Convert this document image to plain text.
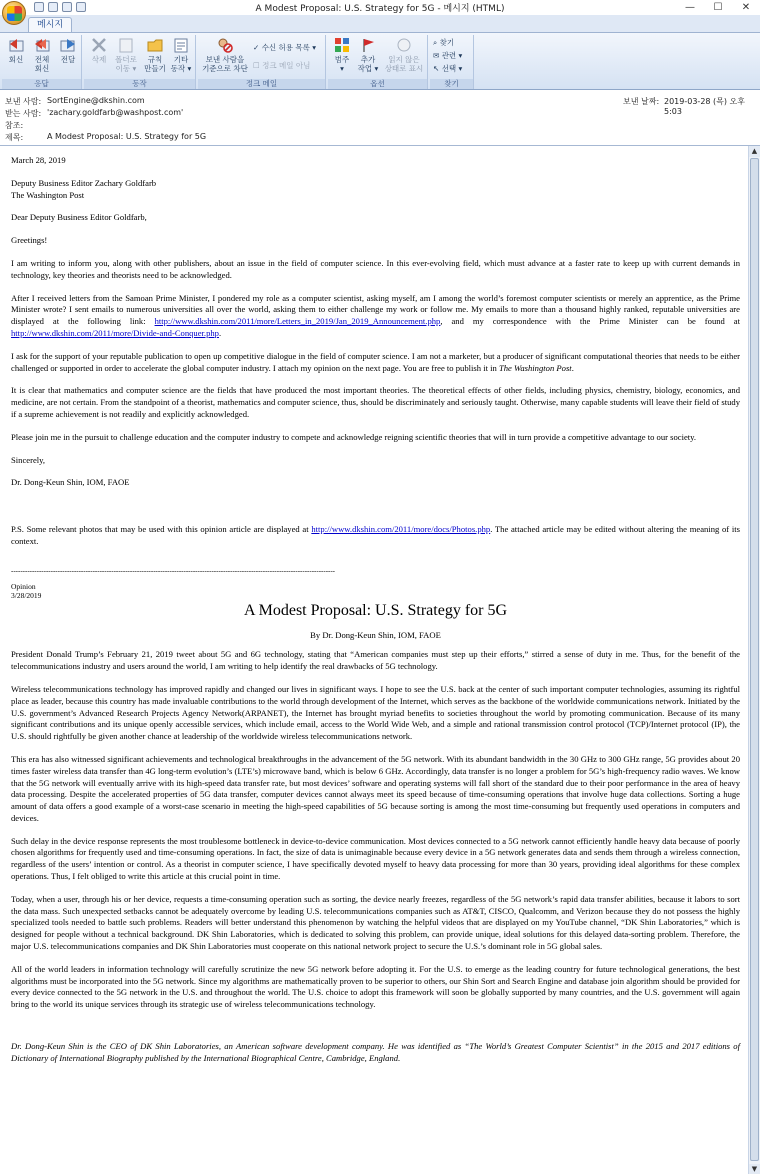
A Modest Proposal: U.S. Strategy for 5G - 메시지 (HTML)	—	☐	✕
메시지
회신	전체
회신
전달
응답
삭제	폴더로
이동 ▾
규칙
만들기
기타
동작 ▾
동작
보낸 사람을
기준으로 차단
✓ 수신 허용 목록 ▾
☐ 정크 메일 아님
정크 메일
범주
▾
추가
작업 ▾
읽지 않은
상태로 표시
옵션
⌕ 찾기
✉ 관련 ▾
↖ 선택 ▾
찾기
보낸 사람: SortEngine@dkshin.com
받는 사람: 'zachary.goldfarb@washpost.com'
참조:
제목:	A Modest Proposal: U.S. Strategy for 5G
보낸 날짜: 2019-03-28 (목) 오후 5:03

March 28, 2019

Deputy Business Editor Zachary Goldfarb
The Washington Post

Dear Deputy Business Editor Goldfarb,

Greetings!

I am writing to inform you, along with other publishers, about an issue in the field of computer science. In this ever-evolving field, which must advance at a faster rate to keep up with current demands in technology, key theories and theorists need to be acknowledged.

After I received letters from the Samoan Prime Minister, I pondered my role as a computer scientist, asking myself, am I among the world’s foremost computer scientists or merely an apprentice, as the Prime Minister wrote? I sent emails to numerous universities all over the world, asking them to either challenge my work or follow me. My emails to more than a thousand highly ranked, reputable universities are displayed at the following link: http://www.dkshin.com/2011/more/Letters_in_2019/Jan_2019_Announcement.php, and my correspondence with the Prime Minister can be found at http://www.dkshin.com/2011/more/Divide-and-Conquer.php.

I ask for the support of your reputable publication to open up competitive dialogue in the field of computer science. I am not a marketer, but a producer of significant computational theories that needs to be either challenged or supported in order to accelerate the global computer industry. I attach my opinion on the next page. You are free to publish it in The Washington Post.

It is clear that mathematics and computer science are the fields that have produced the most important theories. The theoretical effects of other fields, including physics, chemistry, biology, economics, and medicine, are not certain. From the standpoint of a theorist, mathematics and computer science, thus, should be discriminately and seriously taught. Otherwise, many capable students will leave their field of study if a supreme achievement is not readily and explicitly acknowledged.

Please join me in the pursuit to challenge education and the computer industry to compete and acknowledge reigning scientific theories that will in turn provide a competitive advantage to our society.

Sincerely,

Dr. Dong-Keun Shin, IOM, FAOE

P.S. Some relevant photos that may be used with this opinion article are displayed at http://www.dkshin.com/2011/more/docs/Photos.php. The attached article may be edited without altering the meaning of its context.

-------------------------------------------------------------------------------------------------------------------------------------------
Opinion
3/28/2019
A Modest Proposal: U.S. Strategy for 5G
By Dr. Dong-Keun Shin, IOM, FAOE

President Donald Trump’s February 21, 2019 tweet about 5G and 6G technology, stating that “American companies must step up their efforts,” stirred a sense of duty in me. Thus, for the benefit of the telecommunications industry and users around the world, I am writing to help identify the real drawbacks of 5G technology.

Wireless telecommunications technology has improved rapidly and changed our lives in significant ways. I hope to see the U.S. back at the center of such important computer technologies, assuming its rightful place as leader, because this country has made invaluable contributions to the world through development of the Internet, which serves as the backbone of the worldwide communications network. Initiated by the U.S. government’s Advanced Research Projects Agency Network(ARPANET), the Internet has brought myriad benefits to societies throughout the world by promoting communication. Because of its many significant contributions and its unique openly accessible services, which include email, access to the World Wide Web, and a simple and rational transmission control protocol (TCP)/Internet protocol (IP), the U.S. should rightfully be given another chance at leadership of the worldwide wireless telecommunications network.

This era has also witnessed significant achievements and technological breakthroughs in the advancement of the 5G network. With its abundant bandwidth in the 30 GHz to 300 GHz range, 5G provides about 20 times faster wireless data transfer than 4G long-term evolution’s (LTE’s) microwave band, which is below 6 GHz. Accordingly, data transfer is no longer a problem for 5G’s high-frequency radio waves. We know that the 5G network will eventually arrive with its high-speed data transfer rate, but most devices’ software and operating systems will fall short of the standard due to their poor performance in the area of heavy data processing. Despite the accelerated properties of 5G data transfer, computer devices cannot always meet its speed because of time-consuming operations that involve huge data collections. Sorting a huge amount of data offers a good example of a worst-case scenario in meeting the high-speed capabilities of 5G because sorting is among the most time-consuming but frequently used operations in computers and devices.

Such delay in the device response represents the most troublesome bottleneck in device-to-device communication. Most devices connected to a 5G network cannot efficiently handle heavy data because of poorly chosen algorithms for frequently used and time-consuming operations. In fact, the size of data is unimaginable because every device in a 5G network generates data and sends them through a wireless connection, regardless of the users’ intention or control. As a theorist in computer science, I have specifically devoted myself to heavy data processing for more than 30 years, providing ideal algorithms for these complex operations. Thus, I felt obliged to write this article at this crucial point in time.

Today, when a user, through his or her device, requests a time-consuming operation such as sorting, the device nearly freezes, regardless of the 5G network’s rapid data transfer abilities, because it labors to sort the data mass. Such unexpected setbacks cannot be adequately overcome by leading U.S. telecommunications companies such as AT&T, CISCO, Qualcomm, and Verizon because they do not possess the highly specialized tools needed to battle such problems. Readers will better understand this phenomenon by watching the helpful videos that are displayed on my YouTube channel, “DK Shin Laboratories,” which is designed for people without a technical background. DK Shin Laboratories, which is dedicated to solving this problem, can provide unique, ideal solutions for this delayed data-sorting problem. Therefore, the major U.S. telecommunications companies and DK Shin Laboratories must cooperate on this national network project to secure the U.S.’s dominant role in 5G global sales.

All of the world leaders in information technology will carefully scrutinize the new 5G network before adopting it. For the U.S. to emerge as the leading country for future technological generations, the best algorithms must be incorporated into the 5G network. Since my algorithms are mathematically proven to be superior to others, our Shin Sort and Search Engine and database join algorithm should be provided for every device connected to the 5G network in the U.S. and throughout the world. The U.S. choice to adopt this framework will soon be globally supported by many countries, and the U.S. government will again bring to the world its unique services through its strategic use of wireless telecommunications technology.

Dr. Dong-Keun Shin is the CEO of DK Shin Laboratories, an American software development company. He was identified as “The World’s Greatest Computer Scientist” in the 2015 and 2017 editions of Dictionary of International Biography published by the International Biographical Centre, Cambridge, England.

▲
▼
